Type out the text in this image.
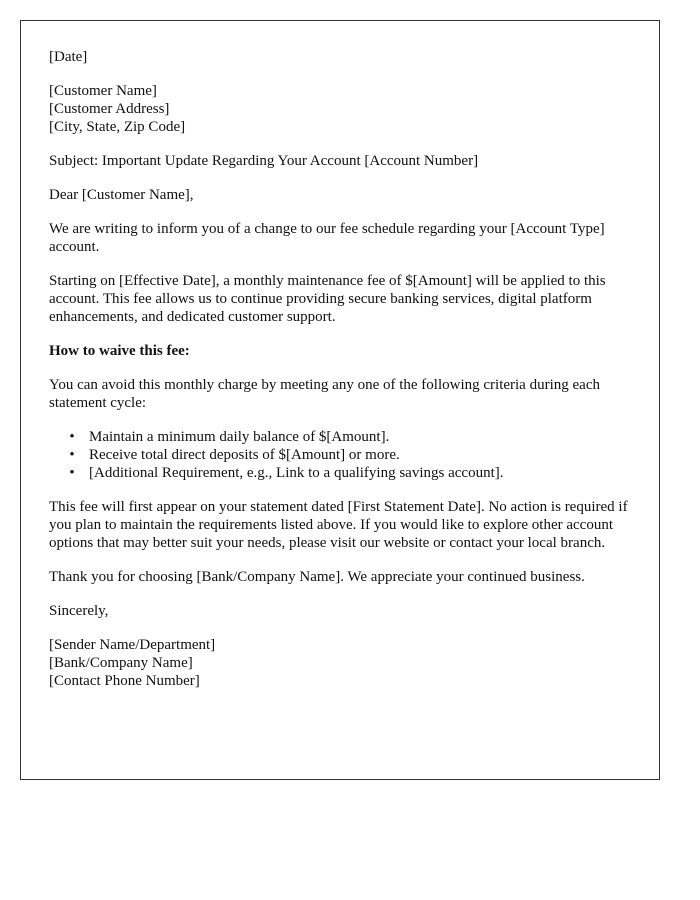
[Date]

[Customer Name]
[Customer Address]
[City, State, Zip Code]

Subject: Important Update Regarding Your Account [Account Number]

Dear [Customer Name],

We are writing to inform you of a change to our fee schedule regarding your [Account Type] account.

Starting on [Effective Date], a monthly maintenance fee of $[Amount] will be applied to this account. This fee allows us to continue providing secure banking services, digital platform enhancements, and dedicated customer support.

How to waive this fee:

You can avoid this monthly charge by meeting any one of the following criteria during each statement cycle:

• Maintain a minimum daily balance of $[Amount].
• Receive total direct deposits of $[Amount] or more.
• [Additional Requirement, e.g., Link to a qualifying savings account].

This fee will first appear on your statement dated [First Statement Date]. No action is required if you plan to maintain the requirements listed above. If you would like to explore other account options that may better suit your needs, please visit our website or contact your local branch.

Thank you for choosing [Bank/Company Name]. We appreciate your continued business.

Sincerely,

[Sender Name/Department]
[Bank/Company Name]
[Contact Phone Number]
